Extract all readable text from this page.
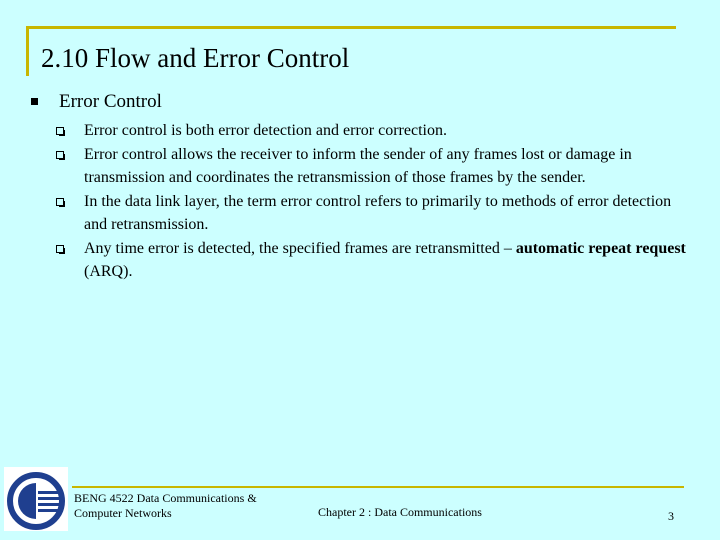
2.10 Flow and Error Control
Error Control
Error control is both error detection and error correction.
Error control allows the receiver to inform the sender of any frames lost or damage in transmission and coordinates the retransmission of those frames by the sender.
In the data link layer, the term error control refers to primarily to methods of error detection and retransmission.
Any time error is detected, the specified frames are retransmitted – automatic repeat request (ARQ).
BENG 4522 Data Communications &
Computer Networks	Chapter 2 : Data Communications	3
